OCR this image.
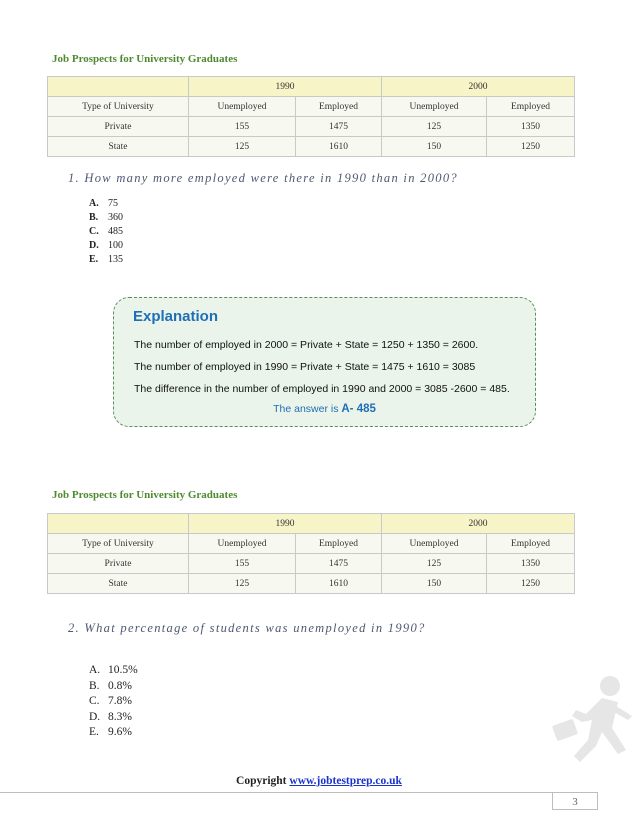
Job Prospects for University Graduates
	1990		2000	
Type of University	Unemployed	Employed	Unemployed	Employed
Private	155	1475	125	1350
State	125	1610	150	1250
1. How many more employed were there in 1990 than in 2000?
A. 75
B. 360
C. 485
D. 100
E. 135
Explanation
The number of employed in 2000 = Private + State = 1250 + 1350 = 2600.
The number of employed in 1990 = Private + State = 1475 + 1610 = 3085
The difference in the number of employed in 1990 and 2000 = 3085 -2600 = 485.
The answer is A- 485
Job Prospects for University Graduates
	1990		2000	
Type of University	Unemployed	Employed	Unemployed	Employed
Private	155	1475	125	1350
State	125	1610	150	1250
2. What percentage of students was unemployed in 1990?
A. 10.5%
B. 0.8%
C. 7.8%
D. 8.3%
E. 9.6%
Copyright www.jobtestprep.co.uk
3
